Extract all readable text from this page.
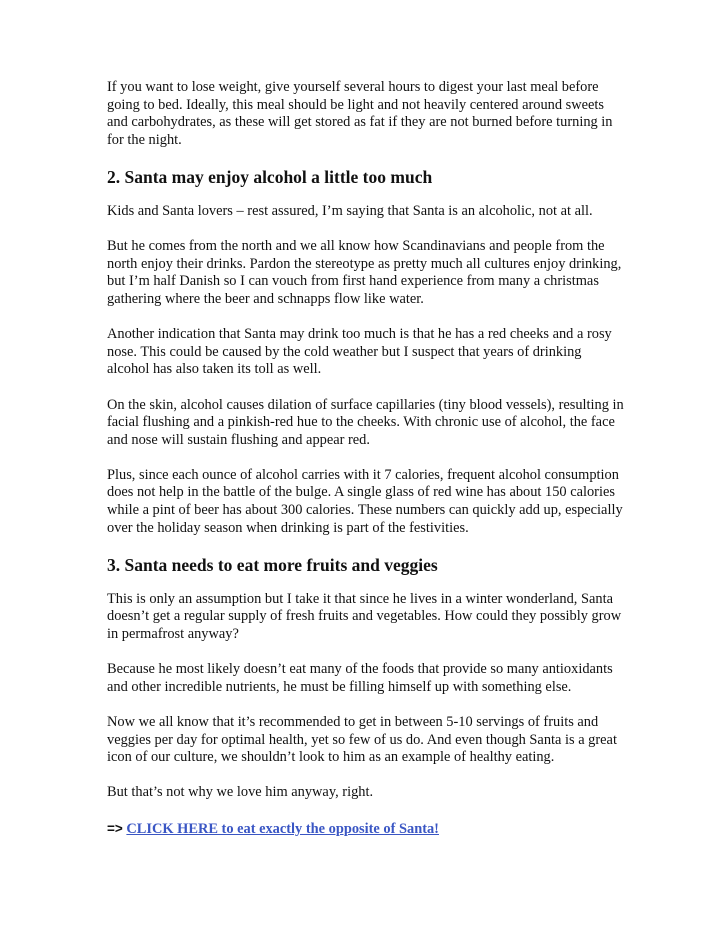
If you want to lose weight, give yourself several hours to digest your last meal before going to bed. Ideally, this meal should be light and not heavily centered around sweets and carbohydrates, as these will get stored as fat if they are not burned before turning in for the night.

2. Santa may enjoy alcohol a little too much

Kids and Santa lovers – rest assured, I’m saying that Santa is an alcoholic, not at all.

But he comes from the north and we all know how Scandinavians and people from the north enjoy their drinks. Pardon the stereotype as pretty much all cultures enjoy drinking, but I’m half Danish so I can vouch from first hand experience from many a christmas gathering where the beer and schnapps flow like water.

Another indication that Santa may drink too much is that he has a red cheeks and a rosy nose. This could be caused by the cold weather but I suspect that years of drinking alcohol has also taken its toll as well.

On the skin, alcohol causes dilation of surface capillaries (tiny blood vessels), resulting in facial flushing and a pinkish-red hue to the cheeks. With chronic use of alcohol, the face and nose will sustain flushing and appear red.

Plus, since each ounce of alcohol carries with it 7 calories, frequent alcohol consumption does not help in the battle of the bulge. A single glass of red wine has about 150 calories while a pint of beer has about 300 calories. These numbers can quickly add up, especially over the holiday season when drinking is part of the festivities.

3. Santa needs to eat more fruits and veggies

This is only an assumption but I take it that since he lives in a winter wonderland, Santa doesn’t get a regular supply of fresh fruits and vegetables. How could they possibly grow in permafrost anyway?

Because he most likely doesn’t eat many of the foods that provide so many antioxidants and other incredible nutrients, he must be filling himself up with something else.

Now we all know that it’s recommended to get in between 5-10 servings of fruits and veggies per day for optimal health, yet so few of us do. And even though Santa is a great icon of our culture, we shouldn’t look to him as an example of healthy eating.

But that’s not why we love him anyway, right.

=> CLICK HERE to eat exactly the opposite of Santa!
